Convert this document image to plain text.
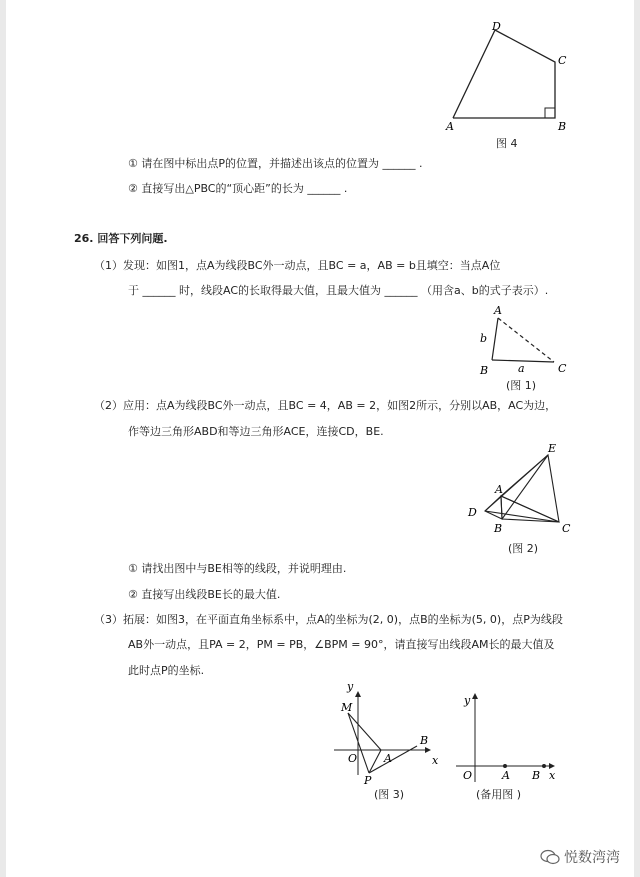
D
C
A	B
图 4
① 请在图中标出点P的位置，并描述出该点的位置为 ______ .
② 直接写出△PBC的“顶心距”的长为 ______ .
26. 回答下列问题.
（1）发现：如图1，点A为线段BC外一动点，且BC = a，AB = b且填空：当点A位
于 ______ 时，线段AC的长取得最大值，且最大值为 ______ （用含a、b的式子表示）.
A
B	C
b
a
(图 1)
（2）应用：点A为线段BC外一动点，且BC = 4，AB = 2，如图2所示，分别以AB，AC为边，
作等边三角形ABD和等边三角形ACE，连接CD，BE.
E
A
D
B	C
(图 2)
① 请找出图中与BE相等的线段，并说明理由.
② 直接写出线段BE长的最大值.
（3）拓展：如图3，在平面直角坐标系中，点A的坐标为(2, 0)，点B的坐标为(5, 0)，点P为线段
AB外一动点，且PA = 2，PM = PB，∠BPM = 90°，请直接写出线段AM长的最大值及
此时点P的坐标.
M
y
O A
B
x
P
(图 3)
y
O	A B x
(备用图 )
悦数湾湾
